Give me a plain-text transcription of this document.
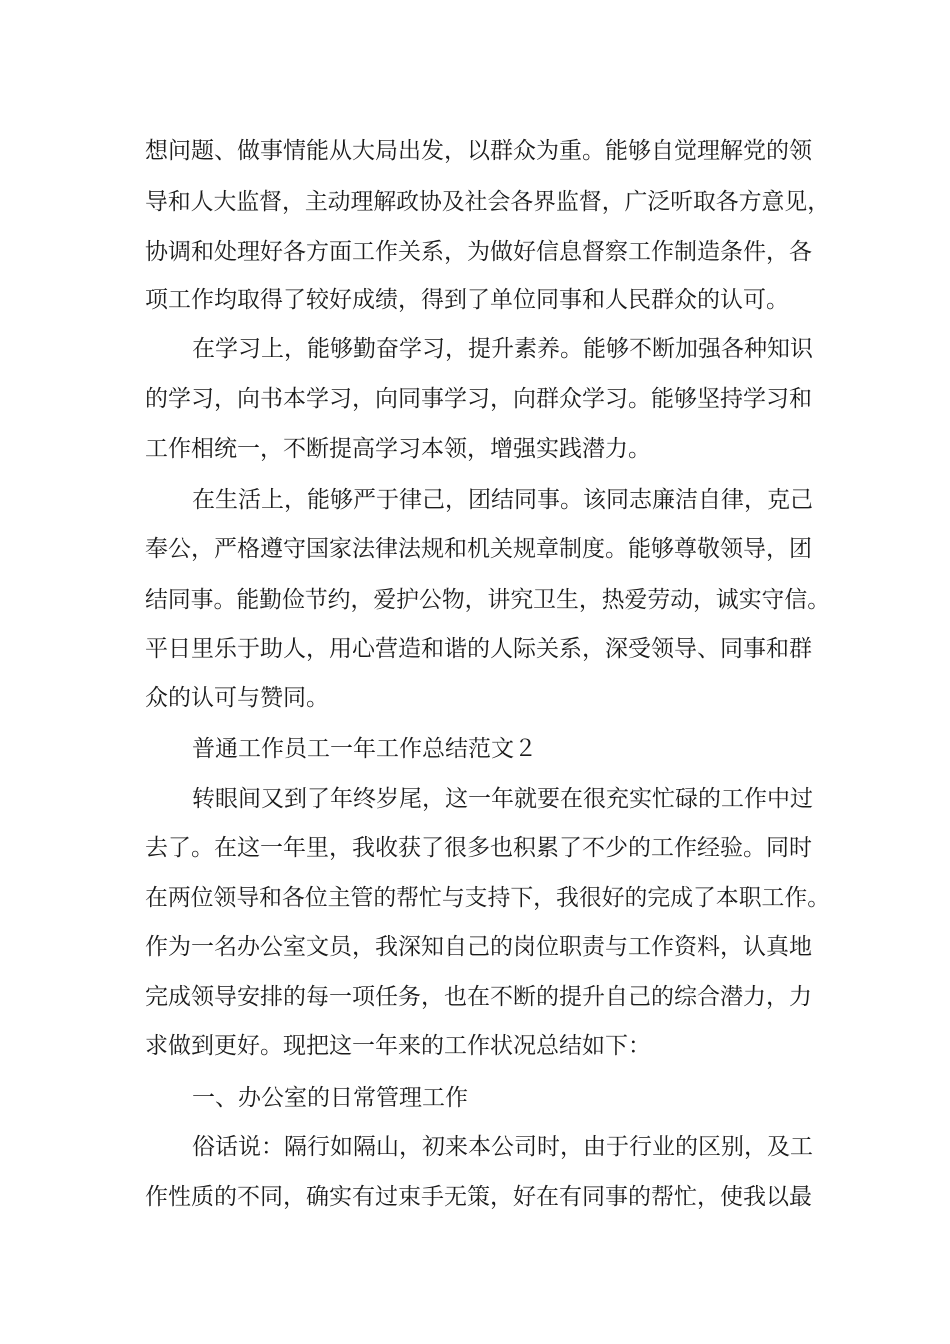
想问题、做事情能从大局出发，以群众为重。能够自觉理解党的领
导和人大监督，主动理解政协及社会各界监督，广泛听取各方意见，
协调和处理好各方面工作关系，为做好信息督察工作制造条件，各
项工作均取得了较好成绩，得到了单位同事和人民群众的认可。
在学习上，能够勤奋学习，提升素养。能够不断加强各种知识
的学习，向书本学习，向同事学习，向群众学习。能够坚持学习和
工作相统一，不断提高学习本领，增强实践潜力。
在生活上，能够严于律己，团结同事。该同志廉洁自律，克己
奉公，严格遵守国家法律法规和机关规章制度。能够尊敬领导，团
结同事。能勤俭节约，爱护公物，讲究卫生，热爱劳动，诚实守信。
平日里乐于助人，用心营造和谐的人际关系，深受领导、同事和群
众的认可与赞同。
普通工作员工一年工作总结范文２
转眼间又到了年终岁尾，这一年就要在很充实忙碌的工作中过
去了。在这一年里，我收获了很多也积累了不少的工作经验。同时
在两位领导和各位主管的帮忙与支持下，我很好的完成了本职工作。
作为一名办公室文员，我深知自己的岗位职责与工作资料，认真地
完成领导安排的每一项任务，也在不断的提升自己的综合潜力，力
求做到更好。现把这一年来的工作状况总结如下：
一、办公室的日常管理工作
俗话说：隔行如隔山，初来本公司时，由于行业的区别，及工
作性质的不同，确实有过束手无策，好在有同事的帮忙，使我以最
